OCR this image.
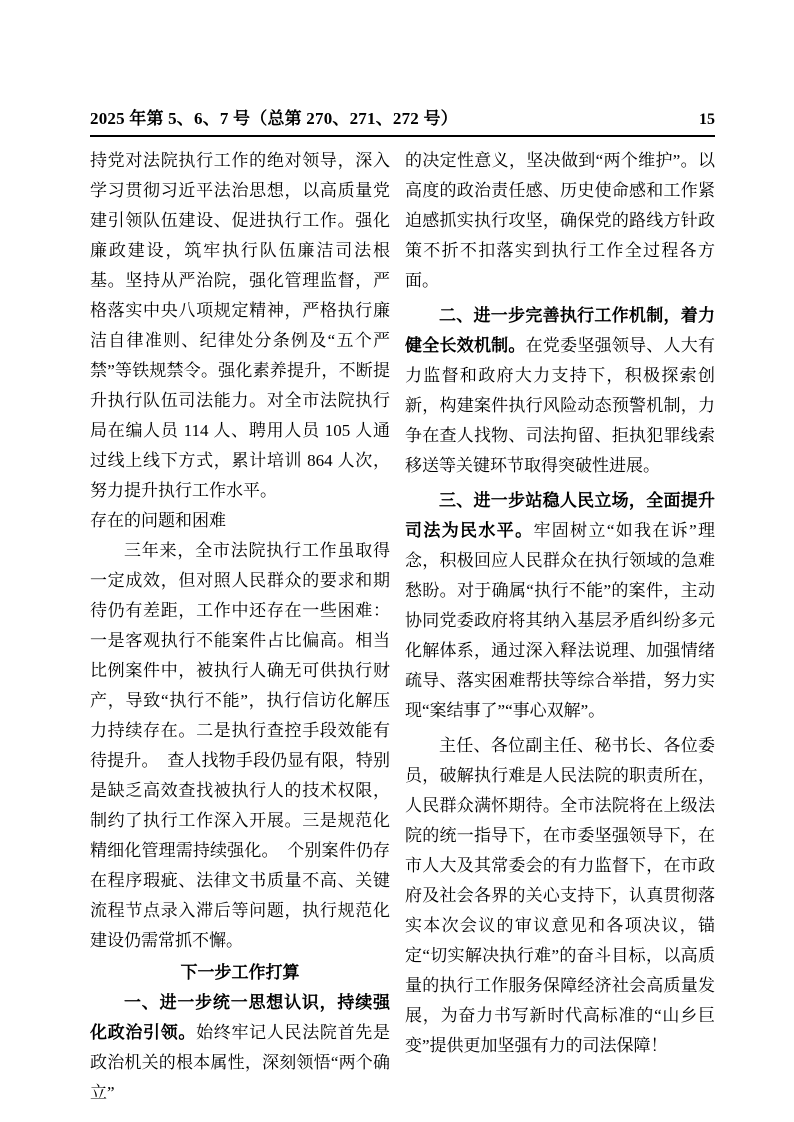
2025 年第 5、6、7 号（总第 270、271、272 号）	15

持党对法院执行工作的绝对领导，深入学习贯彻习近平法治思想，以高质量党建引领队伍建设、促进执行工作。强化廉政建设，筑牢执行队伍廉洁司法根基。坚持从严治院，强化管理监督，严格落实中央八项规定精神，严格执行廉洁自律准则、纪律处分条例及“五个严禁”等铁规禁令。强化素养提升，不断提升执行队伍司法能力。对全市法院执行局在编人员 114 人、聘用人员 105 人通过线上线下方式，累计培训 864 人次，努力提升执行工作水平。

存在的问题和困难

三年来，全市法院执行工作虽取得一定成效，但对照人民群众的要求和期待仍有差距，工作中还存在一些困难：一是客观执行不能案件占比偏高。相当比例案件中，被执行人确无可供执行财产，导致“执行不能”，执行信访化解压力持续存在。二是执行查控手段效能有待提升。　查人找物手段仍显有限，特别是缺乏高效查找被执行人的技术权限，制约了执行工作深入开展。三是规范化精细化管理需持续强化。　个别案件仍存在程序瑕疵、法律文书质量不高、关键流程节点录入滞后等问题，执行规范化建设仍需常抓不懈。

下一步工作打算

一、进一步统一思想认识，持续强化政治引领。始终牢记人民法院首先是政治机关的根本属性，深刻领悟“两个确立”

的决定性意义，坚决做到“两个维护”。以高度的政治责任感、历史使命感和工作紧迫感抓实执行攻坚，确保党的路线方针政策不折不扣落实到执行工作全过程各方面。

二、进一步完善执行工作机制，着力健全长效机制。在党委坚强领导、人大有力监督和政府大力支持下，积极探索创新，构建案件执行风险动态预警机制，力争在查人找物、司法拘留、拒执犯罪线索移送等关键环节取得突破性进展。

三、进一步站稳人民立场，全面提升司法为民水平。牢固树立“如我在诉”理念，积极回应人民群众在执行领域的急难愁盼。对于确属“执行不能”的案件，主动协同党委政府将其纳入基层矛盾纠纷多元化解体系，通过深入释法说理、加强情绪疏导、落实困难帮扶等综合举措，努力实现“案结事了”“事心双解”。

主任、各位副主任、秘书长、各位委员，破解执行难是人民法院的职责所在，人民群众满怀期待。全市法院将在上级法院的统一指导下，在市委坚强领导下，在市人大及其常委会的有力监督下，在市政府及社会各界的关心支持下，认真贯彻落实本次会议的审议意见和各项决议，锚定“切实解决执行难”的奋斗目标，以高质量的执行工作服务保障经济社会高质量发展，为奋力书写新时代高标准的“山乡巨变”提供更加坚强有力的司法保障！
